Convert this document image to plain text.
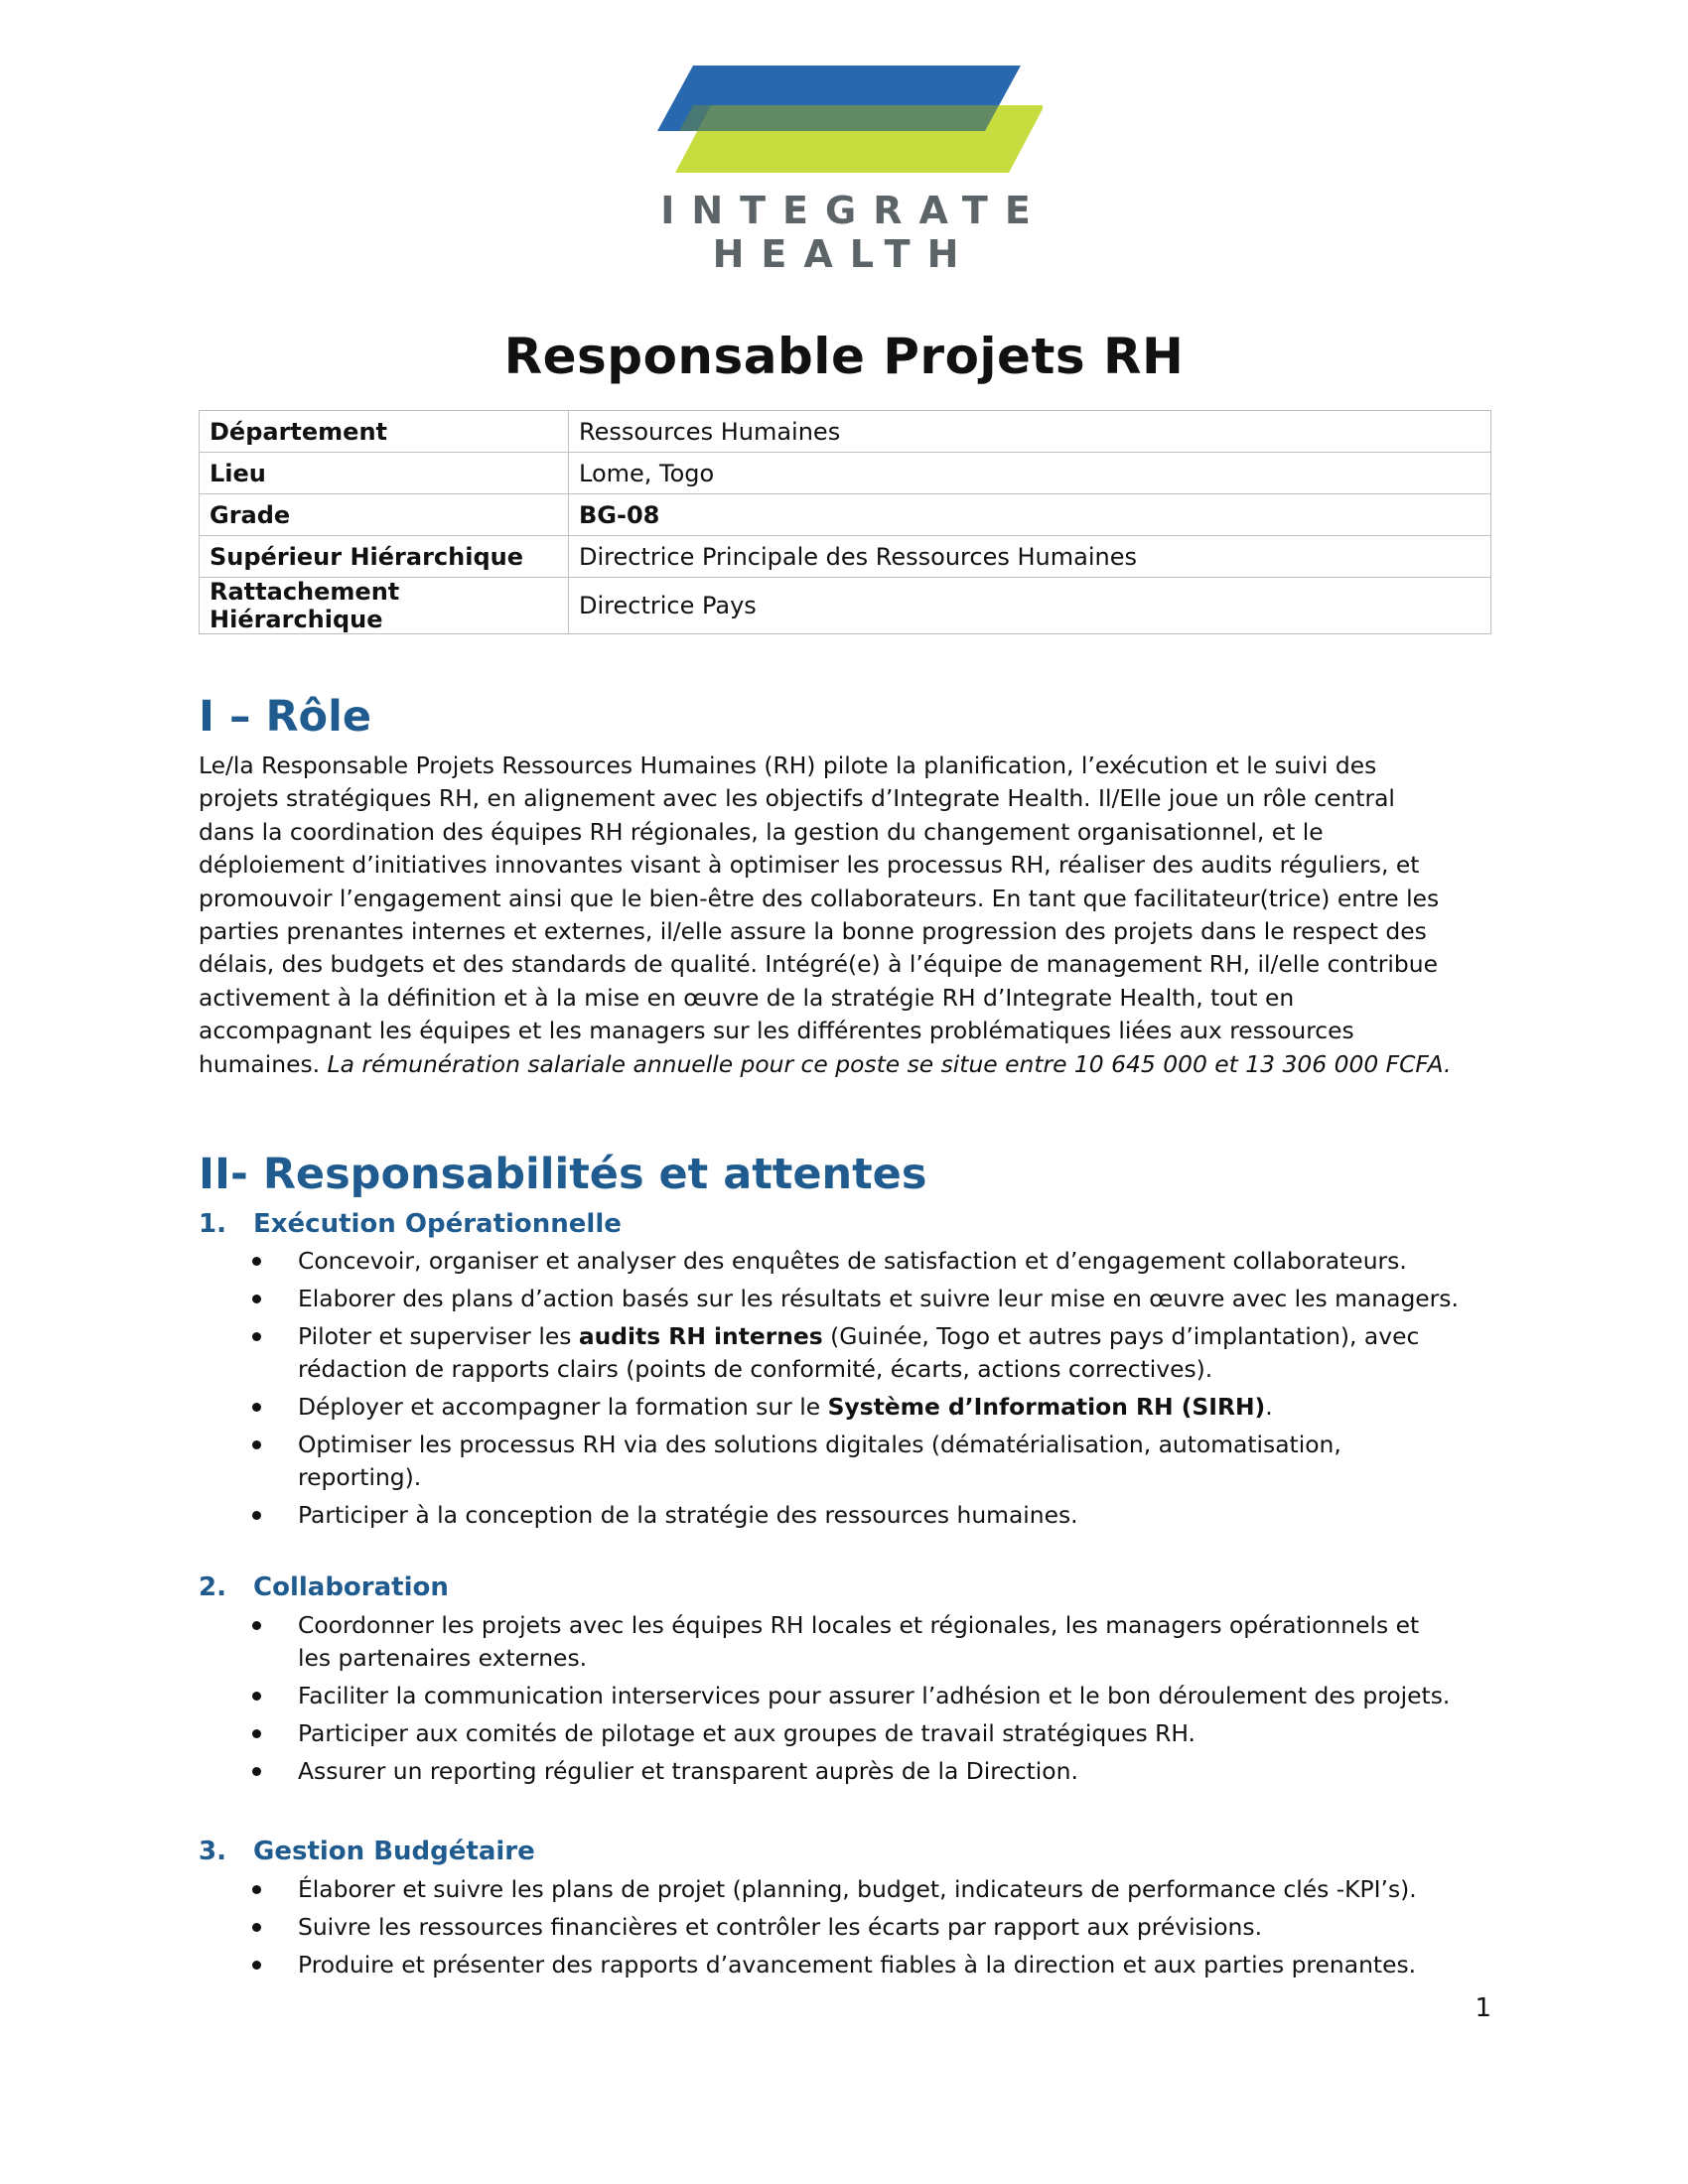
INTEGRATE
HEALTH
Responsable Projets RH
Département	Ressources Humaines
Lieu	Lome, Togo
Grade	BG-08
Supérieur Hiérarchique	Directrice Principale des Ressources Humaines
Rattachement Hiérarchique	Directrice Pays
I – Rôle
Le/la Responsable Projets Ressources Humaines (RH) pilote la planification, l’exécution et le suivi des
projets stratégiques RH, en alignement avec les objectifs d’Integrate Health. Il/Elle joue un rôle central
dans la coordination des équipes RH régionales, la gestion du changement organisationnel, et le
déploiement d’initiatives innovantes visant à optimiser les processus RH, réaliser des audits réguliers, et
promouvoir l’engagement ainsi que le bien-être des collaborateurs. En tant que facilitateur(trice) entre les
parties prenantes internes et externes, il/elle assure la bonne progression des projets dans le respect des
délais, des budgets et des standards de qualité. Intégré(e) à l’équipe de management RH, il/elle contribue
activement à la définition et à la mise en œuvre de la stratégie RH d’Integrate Health, tout en
accompagnant les équipes et les managers sur les différentes problématiques liées aux ressources
humaines. La rémunération salariale annuelle pour ce poste se situe entre 10 645 000 et 13 306 000 FCFA.
II- Responsabilités et attentes
1. Exécution Opérationnelle
Concevoir, organiser et analyser des enquêtes de satisfaction et d’engagement collaborateurs.
Elaborer des plans d’action basés sur les résultats et suivre leur mise en œuvre avec les managers.
Piloter et superviser les audits RH internes (Guinée, Togo et autres pays d’implantation), avec
rédaction de rapports clairs (points de conformité, écarts, actions correctives).
Déployer et accompagner la formation sur le Système d’Information RH (SIRH).
Optimiser les processus RH via des solutions digitales (dématérialisation, automatisation,
reporting).
Participer à la conception de la stratégie des ressources humaines.
2. Collaboration
Coordonner les projets avec les équipes RH locales et régionales, les managers opérationnels et
les partenaires externes.
Faciliter la communication interservices pour assurer l’adhésion et le bon déroulement des projets.
Participer aux comités de pilotage et aux groupes de travail stratégiques RH.
Assurer un reporting régulier et transparent auprès de la Direction.
3. Gestion Budgétaire
Élaborer et suivre les plans de projet (planning, budget, indicateurs de performance clés -KPI’s).
Suivre les ressources financières et contrôler les écarts par rapport aux prévisions.
Produire et présenter des rapports d’avancement fiables à la direction et aux parties prenantes.
1
